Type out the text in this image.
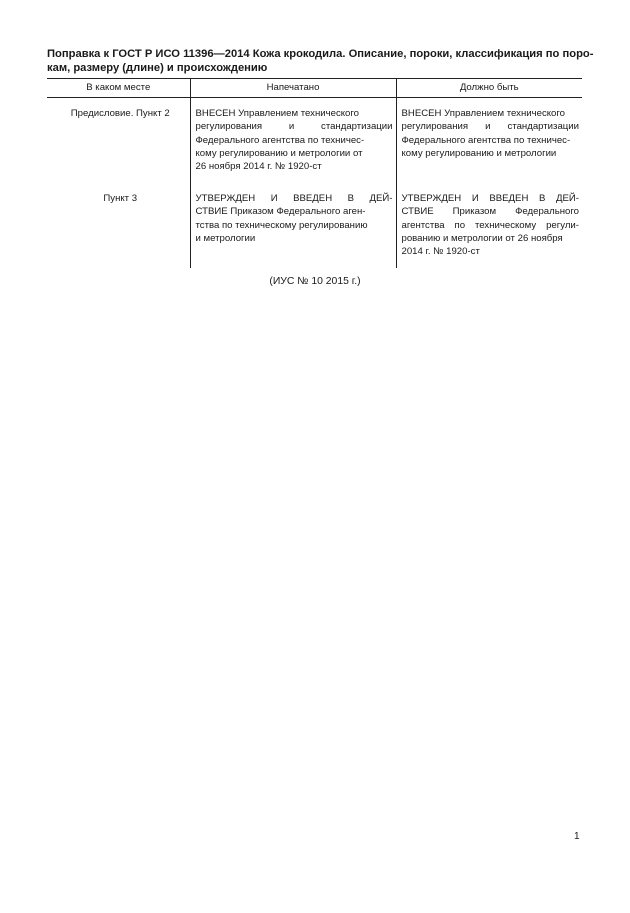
Поправка к ГОСТ Р ИСО 11396—2014 Кожа крокодила. Описание, пороки, классификация по поро-
кам, размеру (длине) и происхождению
В каком месте	Напечатано	Должно быть
Предисловие. Пункт 2	ВНЕСЕН Управлением технического
регулирования и стандартизации
Федерального агентства по техничес-
кому регулированию и метрологии от
26 ноября 2014 г. № 1920-ст	ВНЕСЕН Управлением технического
регулирования и стандартизации
Федерального агентства по техничес-
кому регулированию и метрологии

Пункт 3	УТВЕРЖДЕН И ВВЕДЕН В ДЕЙ-
СТВИЕ Приказом Федерального аген-
тства по техническому регулированию
и метрологии	УТВЕРЖДЕН И ВВЕДЕН В ДЕЙ-
СТВИЕ Приказом Федерального
агентства по техническому регули-
рованию и метрологии от 26 ноября
2014 г. № 1920-ст
(ИУС № 10 2015 г.)
1
